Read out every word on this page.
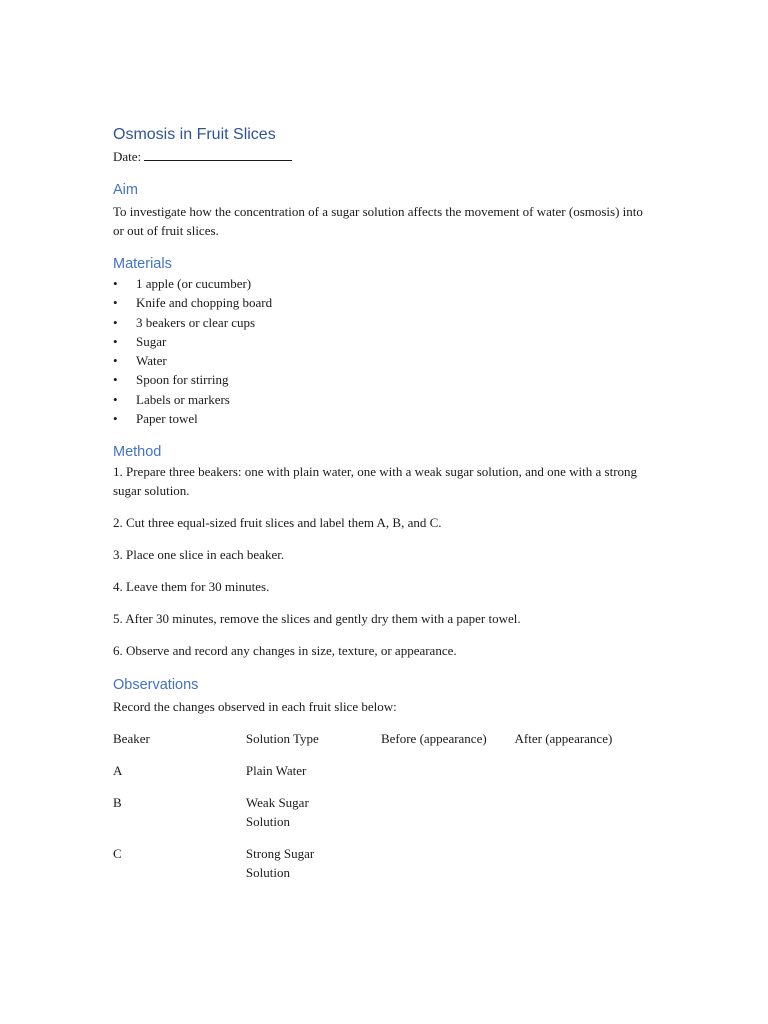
Osmosis in Fruit Slices

Date:

Aim

To investigate how the concentration of a sugar solution affects the movement of water (osmosis) into or out of fruit slices.

Materials
• 1 apple (or cucumber)
• Knife and chopping board
• 3 beakers or clear cups
• Sugar
• Water
• Spoon for stirring
• Labels or markers
• Paper towel
Method

1. Prepare three beakers: one with plain water, one with a weak sugar solution, and one with a strong sugar solution.

2. Cut three equal-sized fruit slices and label them A, B, and C.

3. Place one slice in each beaker.

4. Leave them for 30 minutes.

5. After 30 minutes, remove the slices and gently dry them with a paper towel.

6. Observe and record any changes in size, texture, or appearance.

Observations

Record the changes observed in each fruit slice below:

Beaker	Solution Type	Before (appearance)	After (appearance)
A	Plain Water		

B	Weak Sugar Solution		

C	Strong Sugar Solution		
